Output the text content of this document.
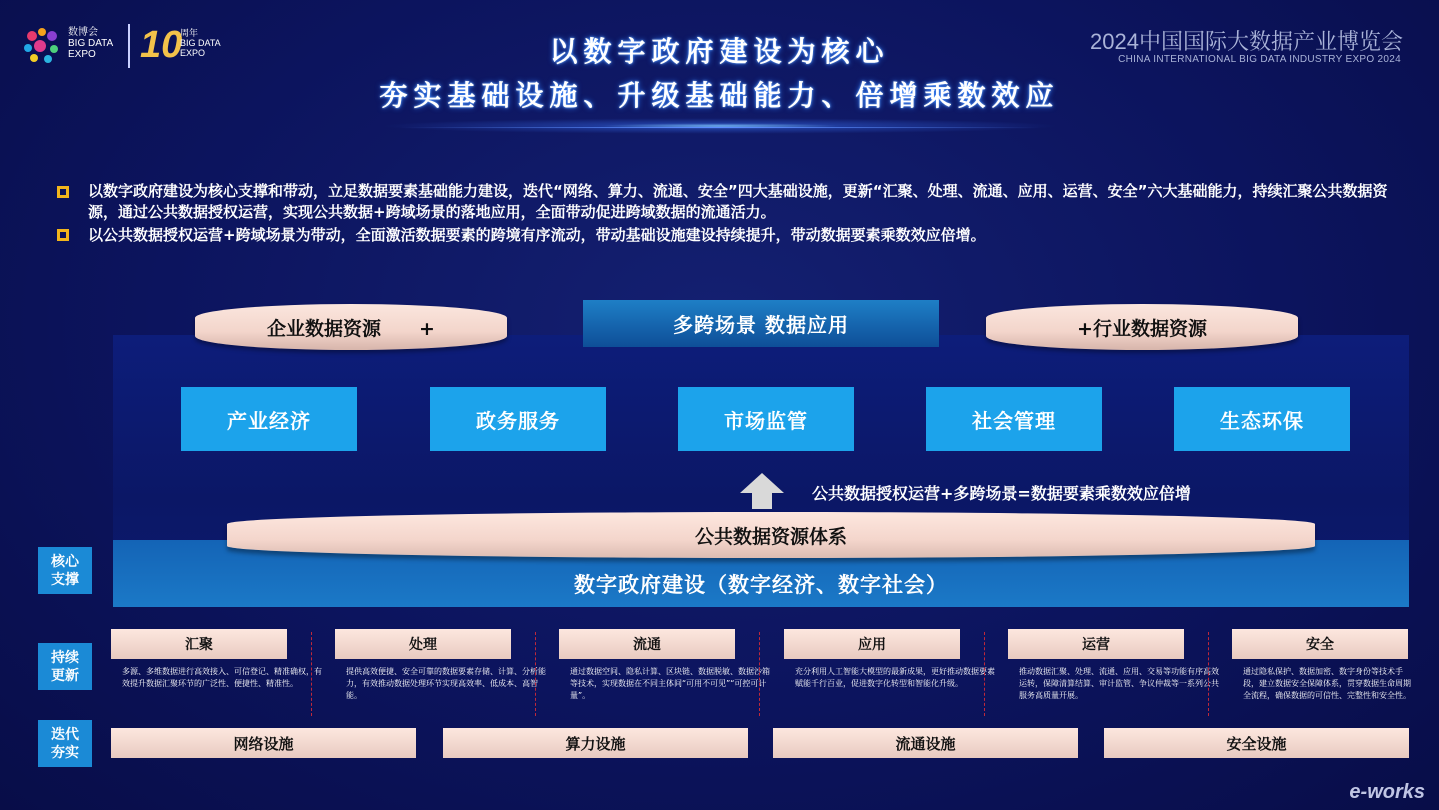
数博会
BIG DATA
EXPO	10
周年
BIG DATA
EXPO	2024中国国际大数据产业博览会
CHINA INTERNATIONAL BIG DATA INDUSTRY EXPO 2024
以数字政府建设为核心
夯实基础设施、升级基础能力、倍增乘数效应
以数字政府建设为核心支撑和带动，立足数据要素基础能力建设，迭代“网络、算力、流通、安全”四大基础设施，更新“汇聚、处理、流通、应用、运营、安全”六大基础能力，持续汇聚公共数据资源，通过公共数据授权运营，实现公共数据+跨域场景的落地应用，全面带动促进跨域数据的流通活力。
以公共数据授权运营+跨域场景为带动，全面激活数据要素的跨境有序流动，带动基础设施建设持续提升，带动数据要素乘数效应倍增。
企业数据资源　　+	多跨场景 数据应用	+行业数据资源
产业经济	政务服务	市场监管	社会管理	生态环保
公共数据授权运营+多跨场景=数据要素乘数效应倍增
数字政府建设（数字经济、数字社会）
公共数据资源体系
核心
支撑
持续
更新
迭代
夯实
汇聚
多源、多维数据进行高效接入、可信登记、精准确权，有效提升数据汇聚环节的广泛性、便捷性、精准性。
处理
提供高效便捷、安全可靠的数据要素存储、计算、分析能力，有效推动数据处理环节实现高效率、低成本、高智能。
流通
通过数据空间、隐私计算、区块链、数据脱敏、数据沙箱等技术，实现数据在不同主体间“可用不可见”“可控可计量”。
应用
充分利用人工智能大模型的最新成果，更好推动数据要素赋能千行百业，促进数字化转型和智能化升级。
运营
推动数据汇聚、处理、流通、应用、交易等功能有序高效运转，保障清算结算、审计监管、争议仲裁等一系列公共服务高质量开展。
安全
通过隐私保护、数据加密、数字身份等技术手段，建立数据安全保障体系，贯穿数据生命周期全流程，确保数据的可信性、完整性和安全性。
网络设施	算力设施	流通设施	安全设施
e-works
